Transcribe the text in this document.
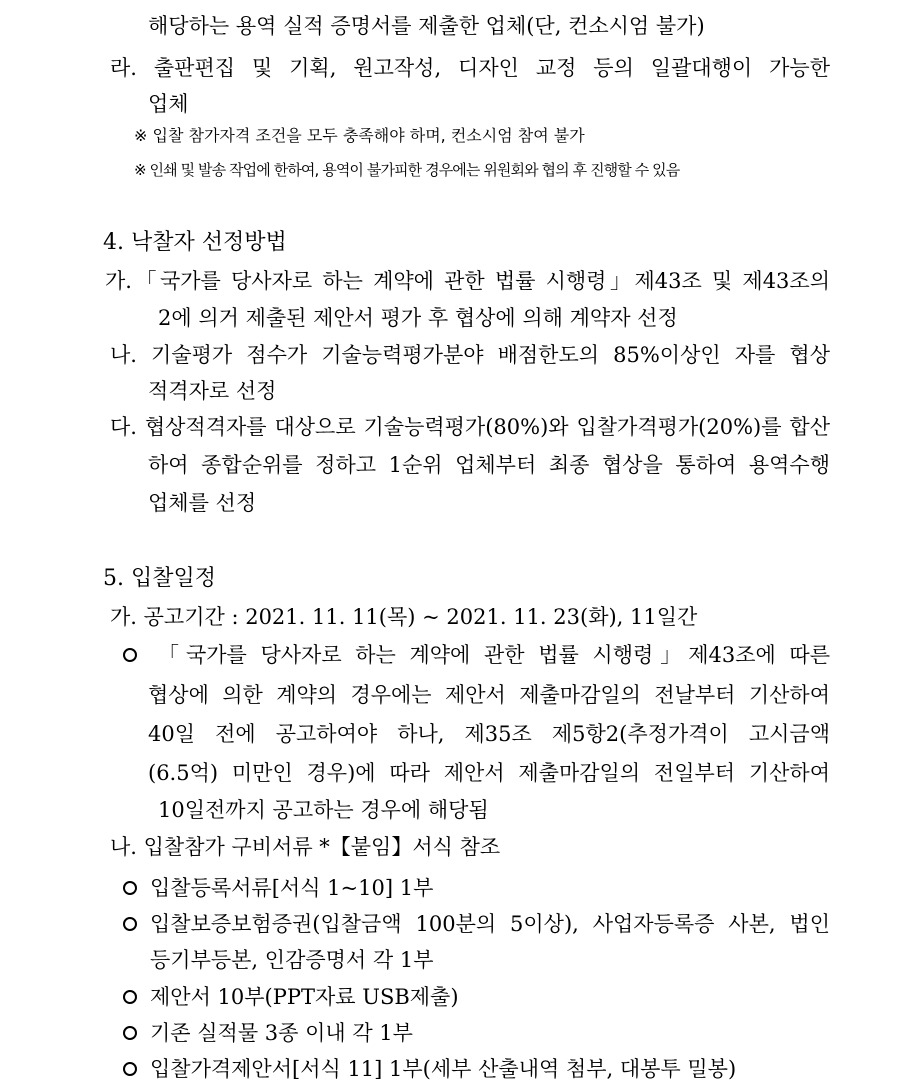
해당하는 용역 실적 증명서를 제출한 업체(단, 컨소시엄 불가)
라. 출판편집 및 기획, 원고작성, 디자인 교정 등의 일괄대행이 가능한
업체
※ 입찰 참가자격 조건을 모두 충족해야 하며, 컨소시엄 참여 불가
※ 인쇄 및 발송 작업에 한하여, 용역이 불가피한 경우에는 위원회와 협의 후 진행할 수 있음
4. 낙찰자 선정방법
가.「국가를 당사자로 하는 계약에 관한 법률 시행령」제43조 및 제43조의
2에 의거 제출된 제안서 평가 후 협상에 의해 계약자 선정
나. 기술평가 점수가 기술능력평가분야 배점한도의 85%이상인 자를 협상
적격자로 선정
다. 협상적격자를 대상으로 기술능력평가(80%)와 입찰가격평가(20%)를 합산
하여 종합순위를 정하고 1순위 업체부터 최종 협상을 통하여 용역수행
업체를 선정
5. 입찰일정
가. 공고기간 : 2021. 11. 11(목) ~ 2021. 11. 23(화), 11일간
「국가를 당사자로 하는 계약에 관한 법률 시행령」제43조에 따른
협상에 의한 계약의 경우에는 제안서 제출마감일의 전날부터 기산하여
40일 전에 공고하여야 하나, 제35조 제5항2(추정가격이 고시금액
(6.5억) 미만인 경우)에 따라 제안서 제출마감일의 전일부터 기산하여
10일전까지 공고하는 경우에 해당됨
나. 입찰참가 구비서류 *【붙임】서식 참조
입찰등록서류[서식 1~10] 1부
입찰보증보험증권(입찰금액 100분의 5이상), 사업자등록증 사본, 법인
등기부등본, 인감증명서 각 1부
제안서 10부(PPT자료 USB제출)
기존 실적물 3종 이내 각 1부
입찰가격제안서[서식 11] 1부(세부 산출내역 첨부, 대봉투 밀봉)
